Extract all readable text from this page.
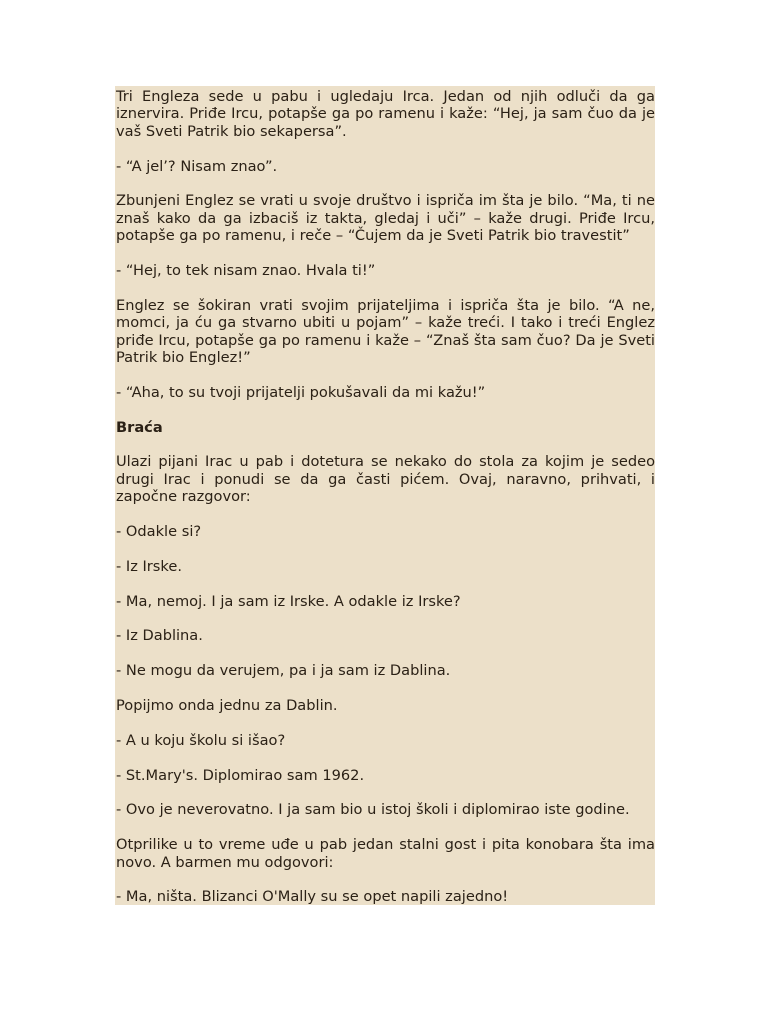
Tri Engleza sede u pabu i ugledaju Irca. Jedan od njih odluči da ga iznervira. Priđe Ircu, potapše ga po ramenu i kaže: “Hej, ja sam čuo da je vaš Sveti Patrik bio sekapersa”.

- “A jel’? Nisam znao”.

Zbunjeni Englez se vrati u svoje društvo i isprіča im šta je bilo. “Ma, ti ne znaš kako da ga izbaciš iz takta, gledaj i uči” – kaže drugi. Priđe Ircu, potapše ga po ramenu, i reče – “Čujem da je Sveti Patrik bio travestit”

- “Hej, to tek nisam znao. Hvala ti!”

Englez se šokiran vrati svojim prijateljima i ispriča šta je bilo. “A ne, momci, ja ću ga stvarno ubiti u pojam” – kaže treći. I tako i treći Englez priđe Ircu, potapše ga po ramenu i kaže – “Znaš šta sam čuo? Da je Sveti Patrik bio Englez!”

- “Aha, to su tvoji prijatelji pokušavali da mi kažu!”

Braća

Ulazi pijani Irac u pab i dotetura se nekako do stola za kojim je sedeo drugi Irac i ponudi se da ga časti pićem. Ovaj, naravno, prihvati, i započne razgovor:

- Odakle si?

- Iz Irske.

- Ma, nemoj. I ja sam iz Irske. A odakle iz Irske?

- Iz Dablina.

- Ne mogu da verujem, pa i ja sam iz Dablina.

Popijmo onda jednu za Dablin.

- A u koju školu si išao?

- St.Mary's. Diplomirao sam 1962.

- Ovo je neverovatno. I ja sam bio u istoj školi i diplomirao iste godine.

Otprilike u to vreme uđe u pab jedan stalni gost i pita konobara šta ima novo. A barmen mu odgovori:

- Ma, ništa. Blizanci O'Mally su se opet napili zajedno!
